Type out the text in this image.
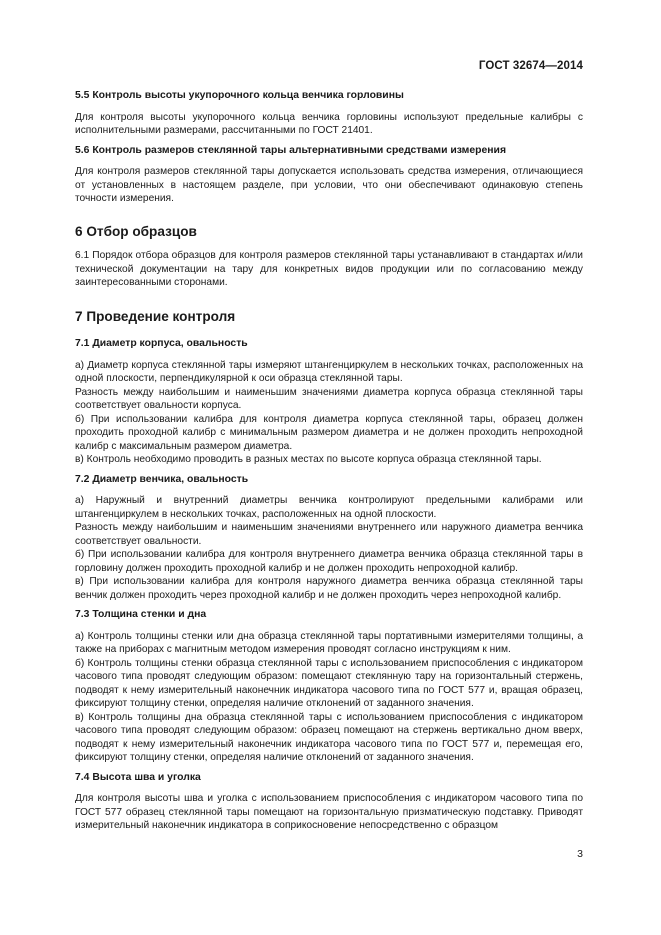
ГОСТ 32674—2014
5.5 Контроль высоты укупорочного кольца венчика горловины

Для контроля высоты укупорочного кольца венчика горловины используют предельные калибры с исполнительными размерами, рассчитанными по ГОСТ 21401.

5.6 Контроль размеров стеклянной тары альтернативными средствами измерения

Для контроля размеров стеклянной тары допускается использовать средства измерения, отличающиеся от установленных в настоящем разделе, при условии, что они обеспечивают одинаковую степень точности измерения.

6 Отбор образцов

6.1 Порядок отбора образцов для контроля размеров стеклянной тары устанавливают в стандартах и/или технической документации на тару для конкретных видов продукции или по согласованию между заинтересованными сторонами.

7 Проведение контроля
7.1 Диаметр корпуса, овальность

а) Диаметр корпуса стеклянной тары измеряют штангенциркулем в нескольких точках, расположенных на одной плоскости, перпендикулярной к оси образца стеклянной тары.

Разность между наибольшим и наименьшим значениями диаметра корпуса образца стеклянной тары соответствует овальности корпуса.

б) При использовании калибра для контроля диаметра корпуса стеклянной тары, образец должен проходить проходной калибр с минимальным размером диаметра и не должен проходить непроходной калибр с максимальным размером диаметра.

в) Контроль необходимо проводить в разных местах по высоте корпуса образца стеклянной тары.

7.2 Диаметр венчика, овальность

а) Наружный и внутренний диаметры венчика контролируют предельными калибрами или штангенциркулем в нескольких точках, расположенных на одной плоскости.

Разность между наибольшим и наименьшим значениями внутреннего или наружного диаметра венчика соответствует овальности.

б) При использовании калибра для контроля внутреннего диаметра венчика образца стеклянной тары в горловину должен проходить проходной калибр и не должен проходить непроходной калибр.

в) При использовании калибра для контроля наружного диаметра венчика образца стеклянной тары венчик должен проходить через проходной калибр и не должен проходить через непроходной калибр.

7.3 Толщина стенки и дна

а) Контроль толщины стенки или дна образца стеклянной тары портативными измерителями толщины, а также на приборах с магнитным методом измерения проводят согласно инструкциям к ним.

б) Контроль толщины стенки образца стеклянной тары с использованием приспособления с индикатором часового типа проводят следующим образом: помещают стеклянную тару на горизонтальный стержень, подводят к нему измерительный наконечник индикатора часового типа по ГОСТ 577 и, вращая образец, фиксируют толщину стенки, определяя наличие отклонений от заданного значения.

в) Контроль толщины дна образца стеклянной тары с использованием приспособления с индикатором часового типа проводят следующим образом: образец помещают на стержень вертикально дном вверх, подводят к нему измерительный наконечник индикатора часового типа по ГОСТ 577 и, перемещая его, фиксируют толщину стенки, определяя наличие отклонений от заданного значения.

7.4 Высота шва и уголка

Для контроля высоты шва и уголка с использованием приспособления с индикатором часового типа по ГОСТ 577 образец стеклянной тары помещают на горизонтальную призматическую подставку. Приводят измерительный наконечник индикатора в соприкосновение непосредственно с образцом

3
